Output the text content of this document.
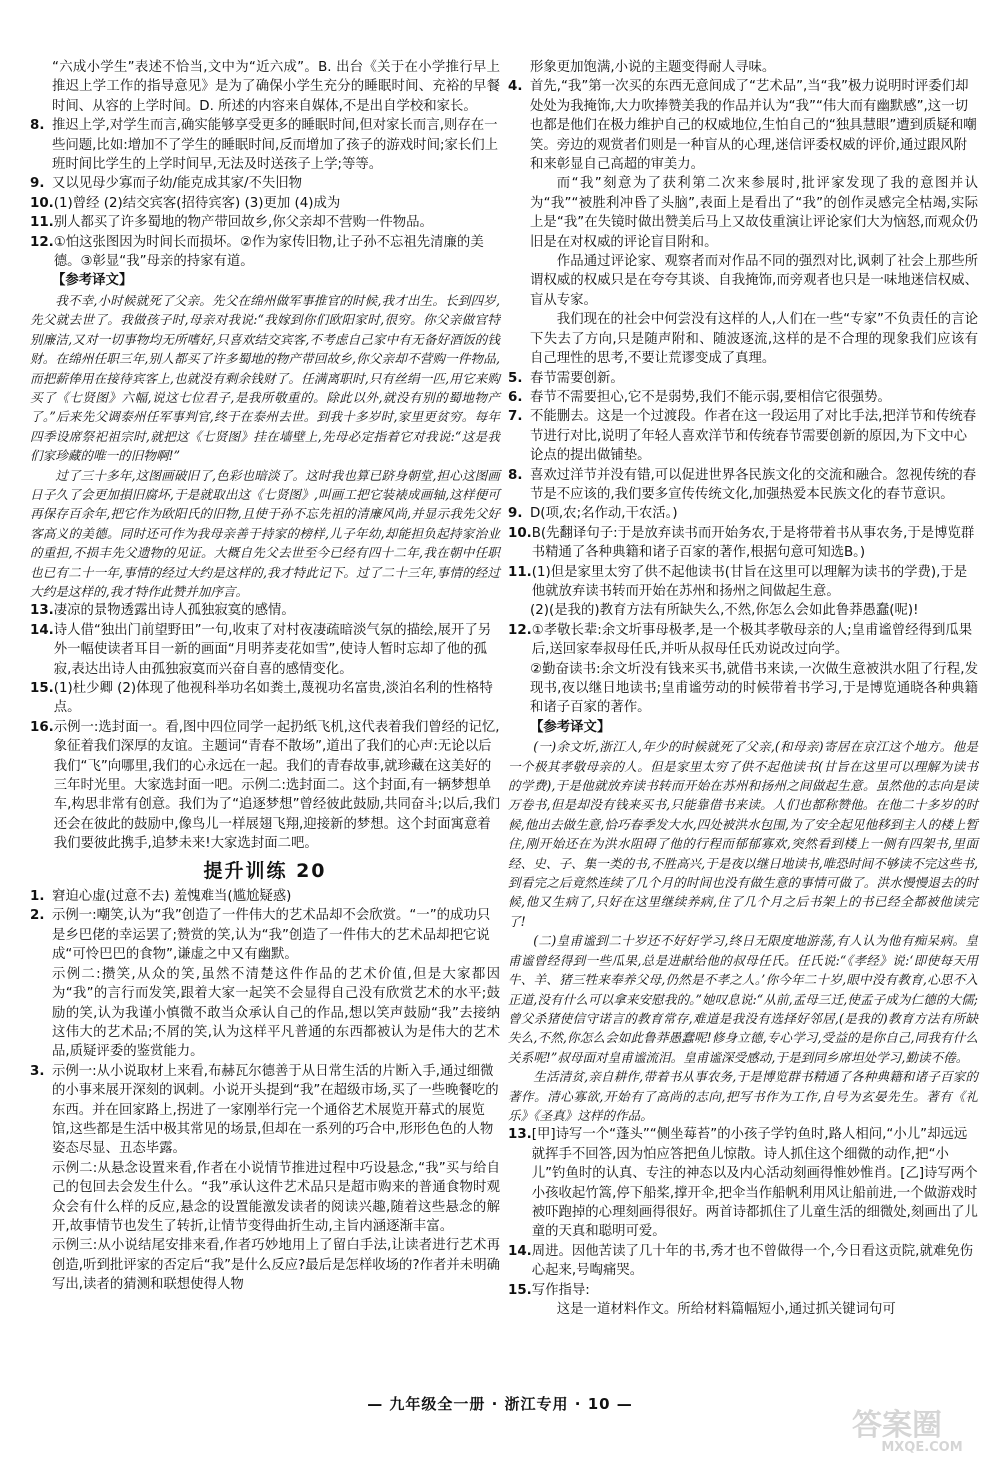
“六成小学生”表述不恰当,文中为“近六成”。B. 出台《关于在小学推行早上推迟上学工作的指导意见》是为了确保小学生充分的睡眠时间、充裕的早餐时间、从容的上学时间。D. 所述的内容来自媒体,不是出自学校和家长。

8. 推迟上学,对学生而言,确实能够享受更多的睡眠时间,但对家长而言,则存在一些问题,比如:增加不了学生的睡眠时间,反而增加了孩子的游戏时间;家长们上班时间比学生的上学时间早,无法及时送孩子上学;等等。
9. 又以见母少寡而子幼/能克成其家/不失旧物
10. (1)曾经 (2)结交宾客(招待宾客) (3)更加 (4)成为
11. 别人都买了许多蜀地的物产带回故乡,你父亲却不营购一件物品。
12. ①怕这张图因为时间长而损坏。②作为家传旧物,让子孙不忘祖先清廉的美德。③彰显“我”母亲的持家有道。
【参考译文】

我不幸,小时候就死了父亲。先父在绵州做军事推官的时候,我才出生。长到四岁,先父就去世了。我做孩子时,母亲对我说:“我嫁到你们欧阳家时,很穷。你父亲做官特别廉洁,又对一切事物均无所嗜好,只喜欢结交宾客,不考虑自己家中有无备好酒饭的钱财。在绵州任职三年,别人都买了许多蜀地的物产带回故乡,你父亲却不营购一件物品,而把薪俸用在接待宾客上,也就没有剩余钱财了。任满离职时,只有丝绢一匹,用它来购买了《七贤图》六幅,说这七位君子,是我所敬重的。除此以外,就没有别的蜀地物产了。”后来先父调泰州任军事判官,终于在泰州去世。到我十多岁时,家里更贫穷。每年四季设席祭祀祖宗时,就把这《七贤图》挂在墙壁上,先母必定指着它对我说:“这是我们家珍藏的唯一的旧物啊!”

过了三十多年,这图画破旧了,色彩也暗淡了。这时我也算已跻身朝堂,担心这图画日子久了会更加損旧腐坏,于是就取出这《七贤图》,叫画工把它装裱成画轴,这样便可再保存百余年,把它作为欧阳氏的旧物,且使于孙不忘先祖的清廉风尚,并显示我先父好客高义的美德。同时还可作为我母亲善于持家的榜样,儿子年幼,却能担负起持家治业的重担,不损丰先父遗物的见证。大概自先父去世至今已经有四十二年,我在朝中任职也已有二十一年,事情的经过大约是这样的,我才特此记下。过了二十三年,事情的经过大约是这样的,我才特作此赞并加序言。

13. 凄凉的景物透露出诗人孤独寂寞的感情。
14. 诗人借“独出门前望野田”一句,收束了对村夜凄疏暗淡气氛的描绘,展开了另外一幅使读者耳目一新的画面“月明荞麦花如雪”,使诗人暂时忘却了他的孤寂,表达出诗人由孤独寂寞而兴奋自喜的感情变化。
15. (1)杜少卿 (2)体现了他视科举功名如粪土,蔑视功名富贵,淡泊名利的性格特点。
16. 示例一:选封面一。看,图中四位同学一起扔纸飞机,这代表着我们曾经的记忆,象征着我们深厚的友谊。主题词“青春不散场”,道出了我们的心声:无论以后我们“飞”向哪里,我们的心永远在一起。我们的青春故事,就珍藏在这美好的三年时光里。大家选封面一吧。示例二:选封面二。这个封面,有一辆梦想单车,构思非常有创意。我们为了“追逐梦想”曾经彼此鼓励,共同奋斗;以后,我们还会在彼此的鼓励中,像鸟儿一样展翅飞翔,迎接新的梦想。这个封面寓意着我们要彼此携手,追梦未来!大家选封面二吧。
提升训练 20
1. 窘迫心虚(过意不去) 羞愧难当(尴尬疑惑)
2. 示例一:嘲笑,认为“我”创造了一件伟大的艺术品却不会欣赏。“一”的成功只是乡巴佬的幸运罢了;赞赏的笑,认为“我”创造了一件伟大的艺术品却把它说成“可怜巴巴的食物”,谦虚之中又有幽默。

示例二:攒笑,从众的笑,虽然不清楚这件作品的艺术价值,但是大家都因为“我”的言行而发笑,跟着大家一起笑不会显得自己没有欣赏艺术的水平;鼓励的笑,认为我谨小慎微不敢当众承认自己的作品,想以笑声鼓励“我”去接纳这伟大的艺术品;不屑的笑,认为这样平凡普通的东西都被认为是伟大的艺术品,质疑评委的鉴赏能力。

3. 示例一:从小说取材上来看,布赫瓦尔德善于从日常生活的片断入手,通过细微的小事来展开深刻的讽刺。小说开头提到“我”在超级市场,买了一些晚餐吃的东西。并在回家路上,拐进了一家刚举行完一个通俗艺术展览开幕式的展览馆,这些都是生活中极其常见的场景,但却在一系列的巧合中,形形色色的人物姿态尽显、丑态毕露。

示例二:从悬念设置来看,作者在小说情节推进过程中巧设悬念,“我”买与给自己的包回去会发生什么。“我”承认这件艺术品只是超市购来的普通食物时观众会有什么样的反应,悬念的设置能激发读者的阅读兴趣,随着这些悬念的解开,故事情节也发生了转折,让情节变得曲折生动,主旨内涵逐渐丰富。

示例三:从小说结尾安排来看,作者巧妙地用上了留白手法,让读者进行艺术再创造,听到批评家的否定后“我”是什么反应?最后是怎样收场的?作者并未明确写出,读者的猜测和联想使得人物

形象更加饱满,小说的主题变得耐人寻味。

4. 首先,“我”第一次买的东西无意间成了“艺术品”,当“我”极力说明时评委们却处处为我掩饰,大力吹捧赞美我的作品并认为“我”“伟大而有幽默感”,这一切也都是他们在极力维护自己的权威地位,生怕自己的“独具慧眼”遭到质疑和嘲笑。旁边的观赏者们则是一种盲从的心理,迷信评委权威的评价,通过跟风附和来彰显自己高超的审美力。

而“我”刻意为了获利第二次来参展时,批评家发现了我的意图并认为“我”“被胜利冲昏了头脑”,表面上是看出了“我”的创作灵感完全枯竭,实际上是“我”在失镜时做出赞美后马上又故伎重演让评论家们大为恼怒,而观众仍旧是在对权威的评论盲目附和。

作品通过评论家、观察者而对作品不同的强烈对比,讽刺了社会上那些所谓权威的权威只是在夸夸其谈、自我掩饰,而旁观者也只是一味地迷信权威、盲从专家。

我们现在的社会中何尝没有这样的人,人们在一些“专家”不负责任的言论下失去了方向,只是随声附和、随波逐流,这样的是不合理的现象我们应该有自己理性的思考,不要让荒谬变成了真理。

5. 春节需要创新。
6. 春节不需要担心,它不是弱势,我们不能示弱,要相信它很强势。
7. 不能删去。这是一个过渡段。作者在这一段运用了对比手法,把洋节和传统春节进行对比,说明了年轻人喜欢洋节和传统春节需要创新的原因,为下文中心论点的提出做铺垫。
8. 喜欢过洋节并没有错,可以促进世界各民族文化的交流和融合。忽视传统的春节是不应该的,我们要多宣传传统文化,加强热爱本民族文化的春节意识。
9. D(项,农;名作动,干农活。)
10. B(先翻译句子:于是放弃读书而开始务农,于是将带着书从事农务,于是博览群书精通了各种典籍和诸子百家的著作,根据句意可知选B。)
11. (1)但是家里太穷了供不起他读书(甘旨在这里可以理解为读书的学费),于是他就放弃读书转而开始在苏州和扬州之间做起生意。

(2)(是我的)教育方法有所缺失么,不然,你怎么会如此鲁莽愚蠢(呢)!

12. ①孝敬长辈:余文圻事母极孝,是一个极其孝敬母亲的人;皇甫谧曾经得到瓜果后,送回家奉叔母任氏,并听从叔母任氏劝说改过向学。

②勤奋读书:余文圻没有钱来买书,就借书来读,一次做生意被洪水阻了行程,发现书,夜以继日地读书;皇甫谧劳动的时候带着书学习,于是博览通晓各种典籍和诸子百家的著作。

【参考译文】

(一)余文圻,浙江人,年少的时候就死了父亲,(和母亲)寄居在京江这个地方。他是一个极其孝敬母亲的人。但是家里太穷了供不起他读书(甘旨在这里可以理解为读书的学费),于是他就放弃读书转而开始在苏州和扬州之间做起生意。虽然他的志向是读万卷书,但是却没有钱来买书,只能靠借书来读。人们也都称赞他。在他二十多岁的时候,他出去做生意,恰巧春季发大水,四处被洪水包围,为了安全起见他移到主人的楼上暂住,刚开始还在为洪水阻碍了他的行程而郁郁寡欢,突然看到楼上一侧有四架书,里面经、史、子、集一类的书,不胜高兴,于是夜以继日地读书,唯恐时间不够读不完这些书,到看完之后竟然连续了几个月的时间也没有做生意的事情可做了。洪水慢慢退去的时候,他又生病了,只好在这里继续养病,住了几个月之后书架上的书已经全都被他读完了!

(二)皇甫谧到二十岁还不好好学习,终日无限度地游荡,有人认为他有痴呆病。皇甫谧曾经得到一些瓜果,总是进献给他的叔母任氏。任氏说:“《孝经》说:‘即使每天用牛、羊、猪三牲来奉养父母,仍然是不孝之人。’你今年二十岁,眼中没有教育,心思不入正道,没有什么可以拿来安慰我的。”她叹息说:“从前,孟母三迁,使孟子成为仁德的大儒;曾父杀猪使信守诺言的教育常存,难道是我没有选择好邻居,(是我的)教育方法有所缺失么,不然,你怎么会如此鲁莽愚蠢呢!修身立德,专心学习,受益的是你自己,同我有什么关系呢!”叔母面对皇甫谧流泪。皇甫谧深受感动,于是到同乡席坦处学习,勤读不倦。

生活清贫,亲自耕作,带着书从事农务,于是博览群书精通了各种典籍和诸子百家的著作。清心寡欲,开始有了高尚的志向,把写书作为工作,自号为玄晏先生。著有《礼乐》《圣真》这样的作品。

13. [甲]诗写一个“蓬头”“侧坐莓苔”的小孩子学钓鱼时,路人相问,“小儿”却远远就挥手不回答,因为怕应答把鱼儿惊散。诗人抓住这个细微的动作,把“小儿”钓鱼时的认真、专注的神态以及内心活动刻画得惟妙惟肖。[乙]诗写两个小孩收起竹篙,停下船桨,撑开伞,把伞当作船帆利用风让船前进,一个做游戏时被吓跑掉的心理刻画得很好。两首诗都抓住了儿童生活的细微处,刻画出了儿童的天真和聪明可爱。
14. 周进。因他苦读了几十年的书,秀才也不曾做得一个,今日看这贡院,就难免伤心起来,号啕痛哭。
15. 写作指导:

这是一道材料作文。所给材料篇幅短小,通过抓关键词句可

— 九年级全一册 · 浙江专用 · 10 —
答案圈
MXQE.COM
